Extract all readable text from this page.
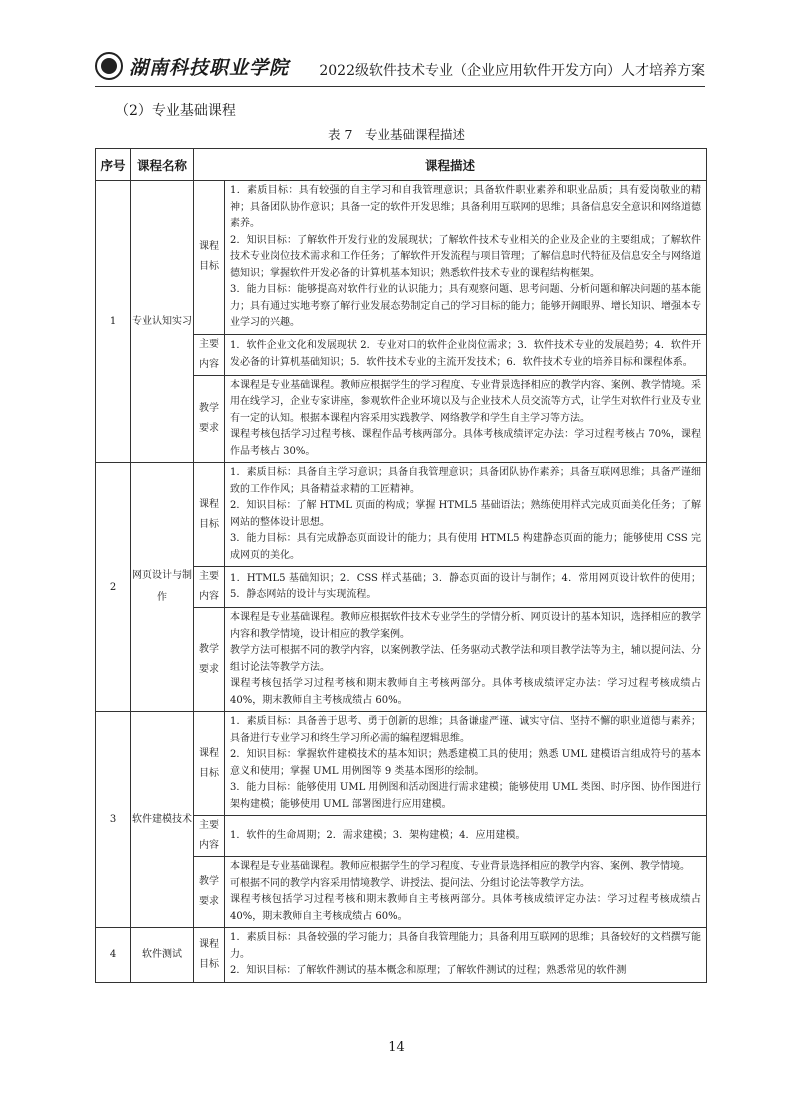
湖南科技职业学院 2022级软件技术专业（企业应用软件开发方向）人才培养方案
（2）专业基础课程
表 7　专业基础课程描述
序号	课程名称	课程描述	
1	专业认知实习	课程目标	1．素质目标：具有较强的自主学习和自我管理意识；具备软件职业素养和职业品质；具有爱岗敬业的精神；具备团队协作意识；具备一定的软件开发思维；具备利用互联网的思维；具备信息安全意识和网络道德素养。
2．知识目标：了解软件开发行业的发展现状；了解软件技术专业相关的企业及企业的主要组成；了解软件技术专业岗位技术需求和工作任务；了解软件开发流程与项目管理；了解信息时代特征及信息安全与网络道德知识；掌握软件开发必备的计算机基本知识；熟悉软件技术专业的课程结构框架。
3．能力目标：能够提高对软件行业的认识能力；具有观察问题、思考问题、分析问题和解决问题的基本能力；具有通过实地考察了解行业发展态势制定自己的学习目标的能力；能够开阔眼界、增长知识、增强本专业学习的兴趣。

		主要内容	1．软件企业文化和发展现状 2．专业对口的软件企业岗位需求；3．软件技术专业的发展趋势；4．软件开发必备的计算机基础知识；5．软件技术专业的主流开发技术；6．软件技术专业的培养目标和课程体系。

		教学要求	本课程是专业基础课程。教师应根据学生的学习程度、专业背景选择相应的教学内容、案例、教学情境。采用在线学习，企业专家讲座，参观软件企业环境以及与企业技术人员交流等方式，让学生对软件行业及专业有一定的认知。根据本课程内容采用实践教学、网络教学和学生自主学习等方法。
课程考核包括学习过程考核、课程作品考核两部分。具体考核成绩评定办法：学习过程考核占 70%，课程作品考核占 30%。

2	网页设计与制作	课程目标	1．素质目标：具备自主学习意识；具备自我管理意识；具备团队协作素养；具备互联网思维；具备严谨细致的工作作风；具备精益求精的工匠精神。
2．知识目标：了解 HTML 页面的构成；掌握 HTML5 基础语法；熟练使用样式完成页面美化任务；了解网站的整体设计思想。
3．能力目标：具有完成静态页面设计的能力；具有使用 HTML5 构建静态页面的能力；能够使用 CSS 完成网页的美化。

		主要内容	1．HTML5 基础知识；2．CSS 样式基础；3．静态页面的设计与制作；4．常用网页设计软件的使用；5．静态网站的设计与实现流程。

		教学要求	本课程是专业基础课程。教师应根据软件技术专业学生的学情分析、网页设计的基本知识，选择相应的教学内容和教学情境，设计相应的教学案例。
教学方法可根据不同的教学内容，以案例教学法、任务驱动式教学法和项目教学法等为主，辅以提问法、分组讨论法等教学方法。
课程考核包括学习过程考核和期末教师自主考核两部分。具体考核成绩评定办法：学习过程考核成绩占 40%，期末教师自主考核成绩占 60%。

3	软件建模技术	课程目标	1．素质目标：具备善于思考、勇于创新的思维；具备谦虚严谨、诚实守信、坚持不懈的职业道德与素养；具备进行专业学习和终生学习所必需的编程逻辑思维。
2．知识目标：掌握软件建模技术的基本知识；熟悉建模工具的使用；熟悉 UML 建模语言组成符号的基本意义和使用；掌握 UML 用例图等 9 类基本图形的绘制。
3．能力目标：能够使用 UML 用例图和活动图进行需求建模；能够使用 UML 类图、时序图、协作图进行架构建模；能够使用 UML 部署图进行应用建模。

		主要内容	1．软件的生命周期；2．需求建模；3．架构建模；4．应用建模。

		教学要求	本课程是专业基础课程。教师应根据学生的学习程度、专业背景选择相应的教学内容、案例、教学情境。
可根据不同的教学内容采用情境教学、讲授法、提问法、分组讨论法等教学方法。
课程考核包括学习过程考核和期末教师自主考核两部分。具体考核成绩评定办法：学习过程考核成绩占 40%，期末教师自主考核成绩占 60%。

4	软件测试	课程目标	1．素质目标：具备较强的学习能力；具备自我管理能力；具备利用互联网的思维；具备较好的文档撰写能力。
2．知识目标：了解软件测试的基本概念和原理；了解软件测试的过程；熟悉常见的软件测
14
